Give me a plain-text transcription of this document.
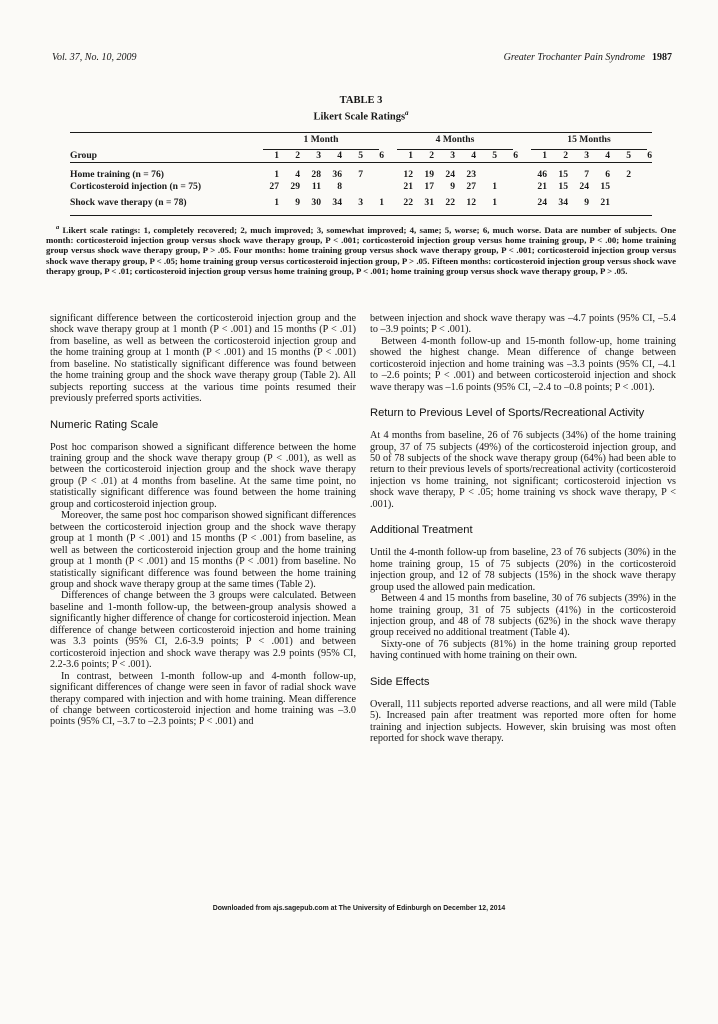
Vol. 37, No. 10, 2009	Greater Trochanter Pain Syndrome 1987
TABLE 3
Likert Scale Ratings$^a$

	1 Month							4 Months							15 Months					

Group	1	2	3	4	5	6		1	2	3	4	5	6		1	2	3	4	5	6
Home training (n = 76)	1	4	28	36	7			12	19	24	23				46	15	7	6	2	
Corticosteroid injection (n = 75)	27	29	11	8				21	17	9	27	1			21	15	24	15		
Shock wave therapy (n = 78)	1	9	30	34	3	1		22	31	22	12	1			24	34	9	21		

$^a$ Likert scale ratings: 1, completely recovered; 2, much improved; 3, somewhat improved; 4, same; 5, worse; 6, much worse. Data are number of subjects. One month: corticosteroid injection group versus shock wave therapy group, P < .001; corticosteroid injection group versus home training group, P < .00; home training group versus shock wave therapy group, P > .05. Four months: home training group versus shock wave therapy group, P < .001; corticosteroid injection group versus shock wave therapy group, P < .05; home training group versus corticosteroid injection group, P > .05. Fifteen months: corticosteroid injection group versus shock wave therapy group, P < .01; corticosteroid injection group versus home training group, P < .001; home training group versus shock wave therapy group, P > .05.

significant difference between the corticosteroid injection group and the shock wave therapy group at 1 month (P < .001) and 15 months (P < .01) from baseline, as well as between the corticosteroid injection group and the home training group at 1 month (P < .001) and 15 months (P < .001) from baseline. No statistically significant difference was found between the home training group and the shock wave therapy group (Table 2). All subjects reporting success at the various time points resumed their previously preferred sports activities.

Numeric Rating Scale

Post hoc comparison showed a significant difference between the home training group and the shock wave therapy group (P < .001), as well as between the corticosteroid injection group and the shock wave therapy group (P < .01) at 4 months from baseline. At the same time point, no statistically significant difference was found between the home training group and corticosteroid injection group.

Moreover, the same post hoc comparison showed significant differences between the corticosteroid injection group and the shock wave therapy group at 1 month (P < .001) and 15 months (P < .001) from baseline, as well as between the corticosteroid injection group and the home training group at 1 month (P < .001) and 15 months (P < .001) from baseline. No statistically significant difference was found between the home training group and shock wave therapy group at the same times (Table 2).

Differences of change between the 3 groups were calculated. Between baseline and 1-month follow-up, the between-group analysis showed a significantly higher difference of change for corticosteroid injection. Mean difference of change between corticosteroid injection and home training was 3.3 points (95% CI, 2.6-3.9 points; P < .001) and between corticosteroid injection and shock wave therapy was 2.9 points (95% CI, 2.2-3.6 points; P < .001).

In contrast, between 1-month follow-up and 4-month follow-up, significant differences of change were seen in favor of radial shock wave therapy compared with injection and with home training. Mean difference of change between corticosteroid injection and home training was –3.0 points (95% CI, –3.7 to –2.3 points; P < .001) and

between injection and shock wave therapy was –4.7 points (95% CI, –5.4 to –3.9 points; P < .001).

Between 4-month follow-up and 15-month follow-up, home training showed the highest change. Mean difference of change between corticosteroid injection and home training was –3.3 points (95% CI, –4.1 to –2.6 points; P < .001) and between corticosteroid injection and shock wave therapy was –1.6 points (95% CI, –2.4 to –0.8 points; P < .001).

Return to Previous Level of Sports/Recreational Activity

At 4 months from baseline, 26 of 76 subjects (34%) of the home training group, 37 of 75 subjects (49%) of the corticosteroid injection group, and 50 of 78 subjects of the shock wave therapy group (64%) had been able to return to their previous levels of sports/recreational activity (corticosteroid injection vs home training, not significant; corticosteroid injection vs shock wave therapy, P < .05; home training vs shock wave therapy, P < .001).

Additional Treatment

Until the 4-month follow-up from baseline, 23 of 76 subjects (30%) in the home training group, 15 of 75 subjects (20%) in the corticosteroid injection group, and 12 of 78 subjects (15%) in the shock wave therapy group used the allowed pain medication.

Between 4 and 15 months from baseline, 30 of 76 subjects (39%) in the home training group, 31 of 75 subjects (41%) in the corticosteroid injection group, and 48 of 78 subjects (62%) in the shock wave therapy group received no additional treatment (Table 4).

Sixty-one of 76 subjects (81%) in the home training group reported having continued with home training on their own.

Side Effects

Overall, 111 subjects reported adverse reactions, and all were mild (Table 5). Increased pain after treatment was reported more often for home training and injection subjects. However, skin bruising was most often reported for shock wave therapy.

Downloaded from ajs.sagepub.com at The University of Edinburgh on December 12, 2014
